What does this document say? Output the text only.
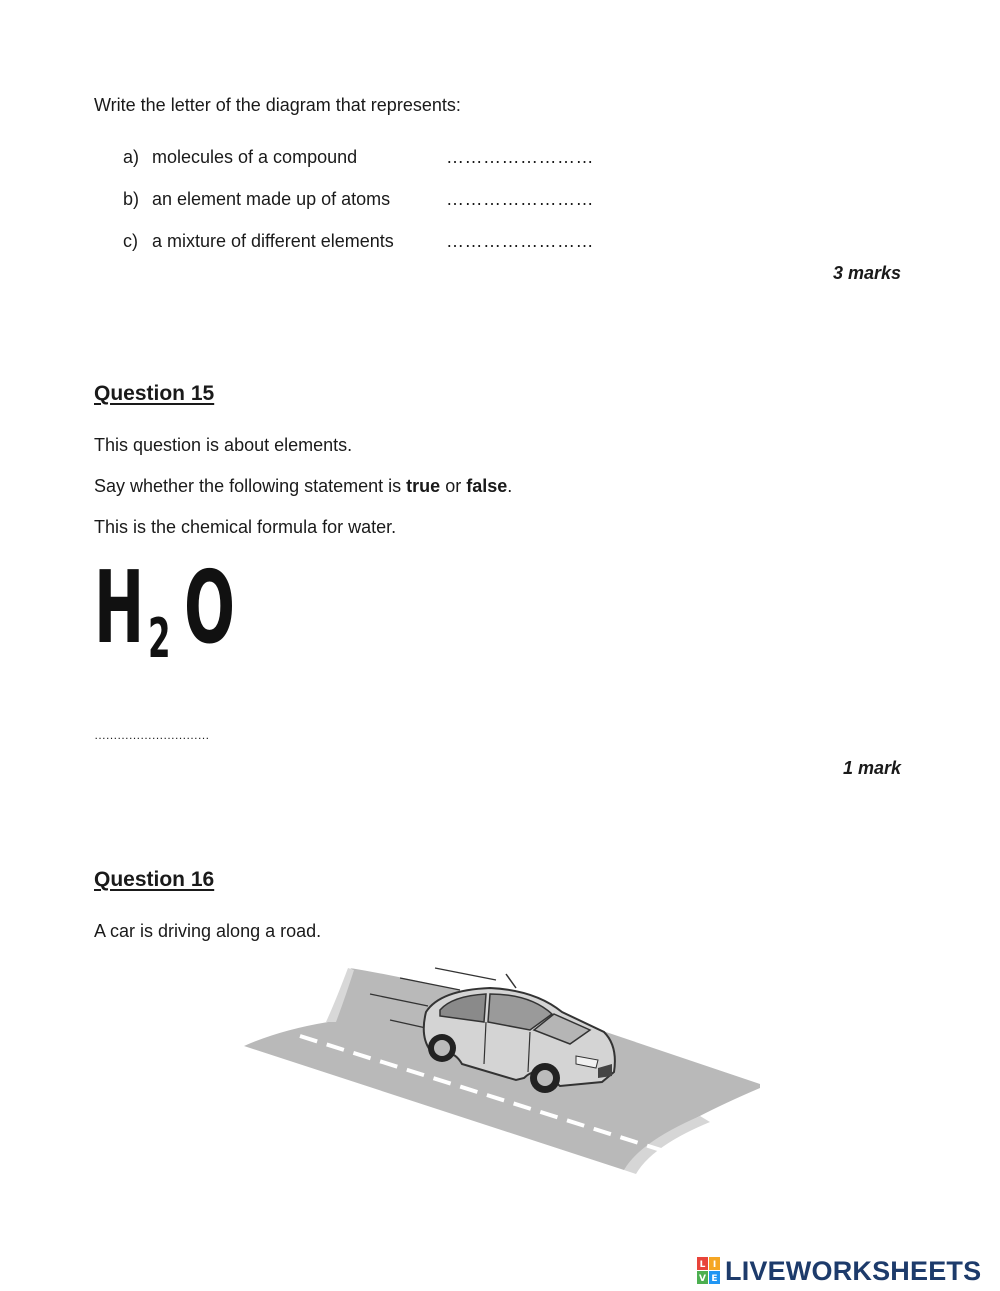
Write the letter of the diagram that represents:
a) molecules of a compound	……………………
b) an element made up of atoms	……………………
c) a mixture of different elements	……………………
3 marks
Question 15
This question is about elements.
Say whether the following statement is true or false.
This is the chemical formula for water.
H 2 O
…………………………
1 mark
Question 16
A car is driving along a road.
L I
V E LIVEWORKSHEETS
